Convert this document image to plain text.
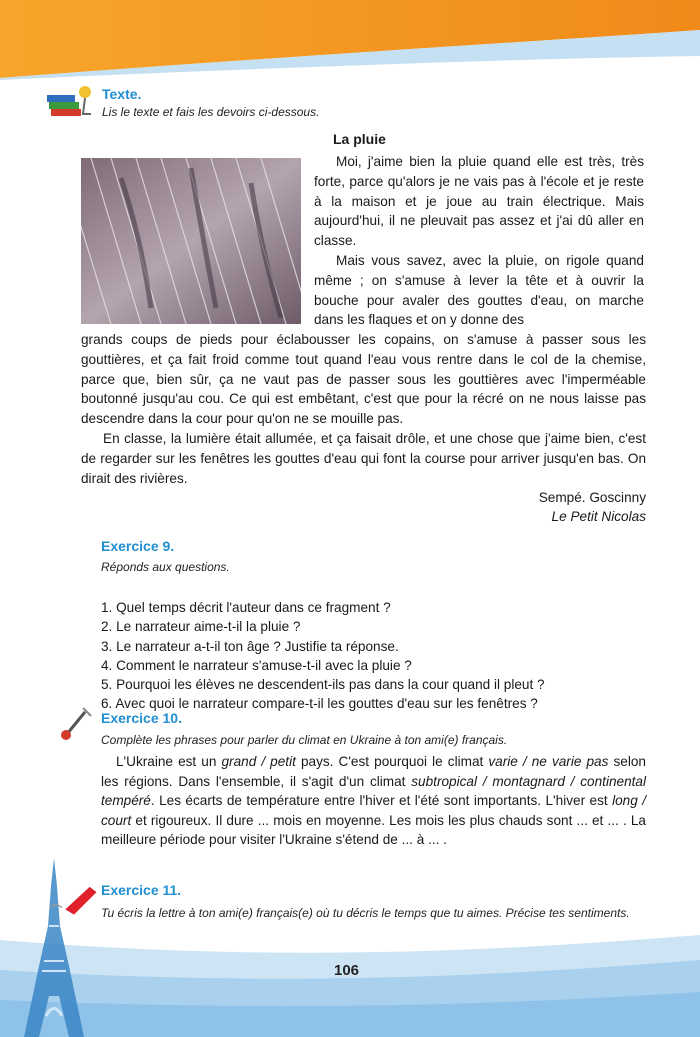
Texte.
Lis le texte et fais les devoirs ci-dessous.
La pluie
Moi, j'aime bien la pluie quand elle est très, très forte, parce qu'alors je ne vais pas à l'école et je reste à la maison et je joue au train électrique. Mais aujourd'hui, il ne pleuvait pas assez et j'ai dû aller en classe.
Mais vous savez, avec la pluie, on rigole quand même ; on s'amuse à lever la tête et à ouvrir la bouche pour avaler des gouttes d'eau, on marche dans les flaques et on y donne des
grands coups de pieds pour éclabousser les copains, on s'amuse à passer sous les gouttières, et ça fait froid comme tout quand l'eau vous rentre dans le col de la chemise, parce que, bien sûr, ça ne vaut pas de passer sous les gouttières avec l'imperméable boutonné jusqu'au cou. Ce qui est embêtant, c'est que pour la récré on ne nous laisse pas descendre dans la cour pour qu'on ne se mouille pas.
En classe, la lumière était allumée, et ça faisait drôle, et une chose que j'aime bien, c'est de regarder sur les fenêtres les gouttes d'eau qui font la course pour arriver jusqu'en bas. On dirait des rivières.
Sempé. Goscinny
Le Petit Nicolas
Exercice 9.
Réponds aux questions.
1. Quel temps décrit l'auteur dans ce fragment ?
2. Le narrateur aime-t-il la pluie ?
3. Le narrateur a-t-il ton âge ? Justifie ta réponse.
4. Comment le narrateur s'amuse-t-il avec la pluie ?
5. Pourquoi les élèves ne descendent-ils pas dans la cour quand il pleut ?
6. Avec quoi le narrateur compare-t-il les gouttes d'eau sur les fenêtres ?
Exercice 10.
Complète les phrases pour parler du climat en Ukraine à ton ami(e) français.
L'Ukraine est un grand / petit pays. C'est pourquoi le climat varie / ne varie pas selon les régions. Dans l'ensemble, il s'agit d'un climat subtropical / montagnard / continental tempéré. Les écarts de température entre l'hiver et l'été sont importants. L'hiver est long / court et rigoureux. Il dure ... mois en moyenne. Les mois les plus chauds sont ... et ... . La meilleure période pour visiter l'Ukraine s'étend de ... à ... .
Exercice 11.
Tu écris la lettre à ton ami(e) français(e) où tu décris le temps que tu aimes. Précise tes sentiments.
106
